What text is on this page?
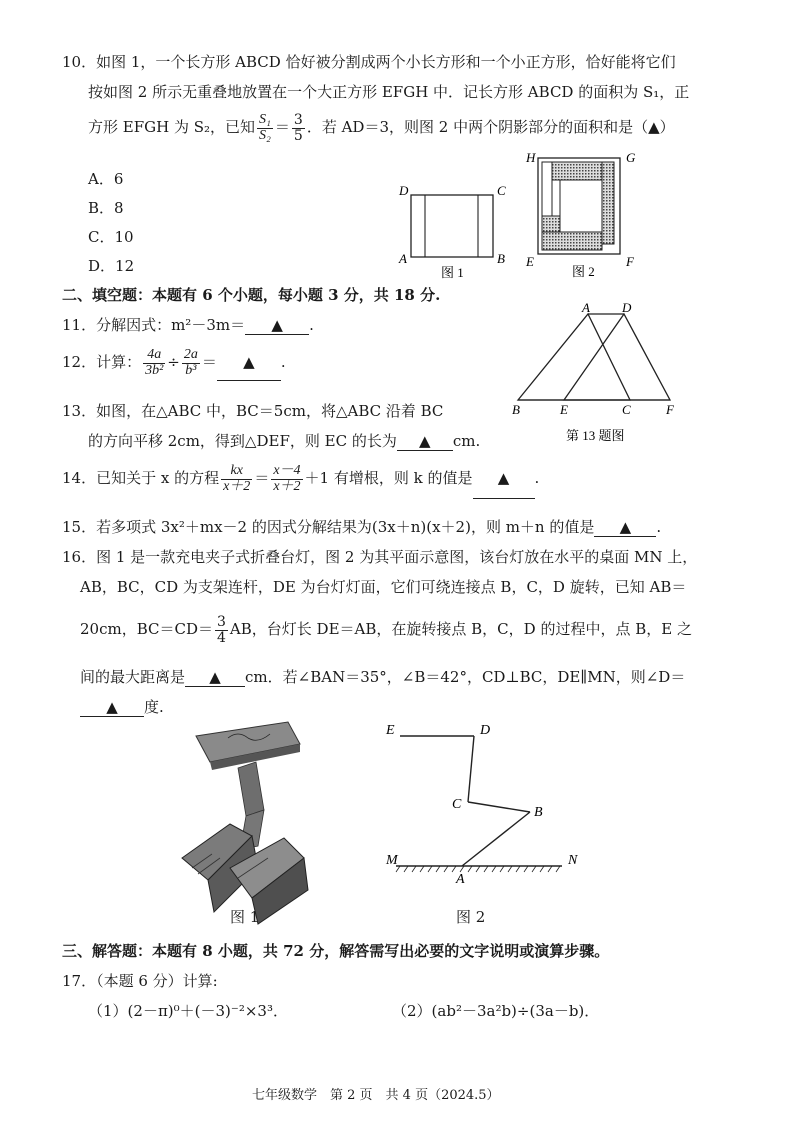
10．如图 1，一个长方形 ABCD 恰好被分割成两个小长方形和一个小正方形，恰好能将它们
按如图 2 所示无重叠地放置在一个大正方形 EFGH 中．记长方形 ABCD 的面积为 S₁，正
方形 EFGH 为 S₂，已知 $\frac{\text{S₁}}{\text{S₂}} = \frac{3}{5}$ ．若 AD＝3，则图 2 中两个阴影部分的面积和是（▲）
A．6
B．8
C．10
D．12
D	C
A	B
图 1
H	G
E	F
图 2
二、填空题：本题有 6 个小题，每小题 3 分，共 18 分.
11．分解因式：m²－3m＝ ▲ .
12．计算： $\frac{4a}{\text{3b²}} \div \frac{2a}{\text{b³}}$ ＝ ▲ .
13．如图，在△ABC 中，BC＝5cm，将△ABC 沿着 BC
的方向平移 2cm，得到△DEF，则 EC 的长为 ▲ cm.
A D
B	E	C	F
第 13 题图
14．已知关于 x 的方程 $\frac{kx}{x+2} = \frac{x-4}{x+2} +1$ 有增根，则 k 的值是 ▲ .
15．若多项式 3x²＋mx－2 的因式分解结果为(3x＋n)(x＋2)，则 m＋n 的值是 ▲ .
16．图 1 是一款充电夹子式折叠台灯，图 2 为其平面示意图，该台灯放在水平的桌面 MN 上，
AB，BC，CD 为支架连杆，DE 为台灯灯面，它们可绕连接点 B，C，D 旋转，已知 AB＝
20cm，$BC=CD= \frac{3}{4}$ AB，台灯长 DE＝AB，在旋转接点 B，C，D 的过程中，点 B，E 之
间的最大距离是 ▲ cm．若∠BAN＝35°，∠B＝42°，CD⊥BC，DE∥MN，则∠D＝
▲ 度.
图 1
E	D
C
B
M
A
N
图 2
三、解答题：本题有 8 小题，共 72 分，解答需写出必要的文字说明或演算步骤。
17．（本题 6 分）计算:
（1）(2－π)⁰＋(－3)⁻²×3³．	（2）(ab²－3a²b)÷(3a－b)．
七年级数学　第 2 页　共 4 页（2024.5）
